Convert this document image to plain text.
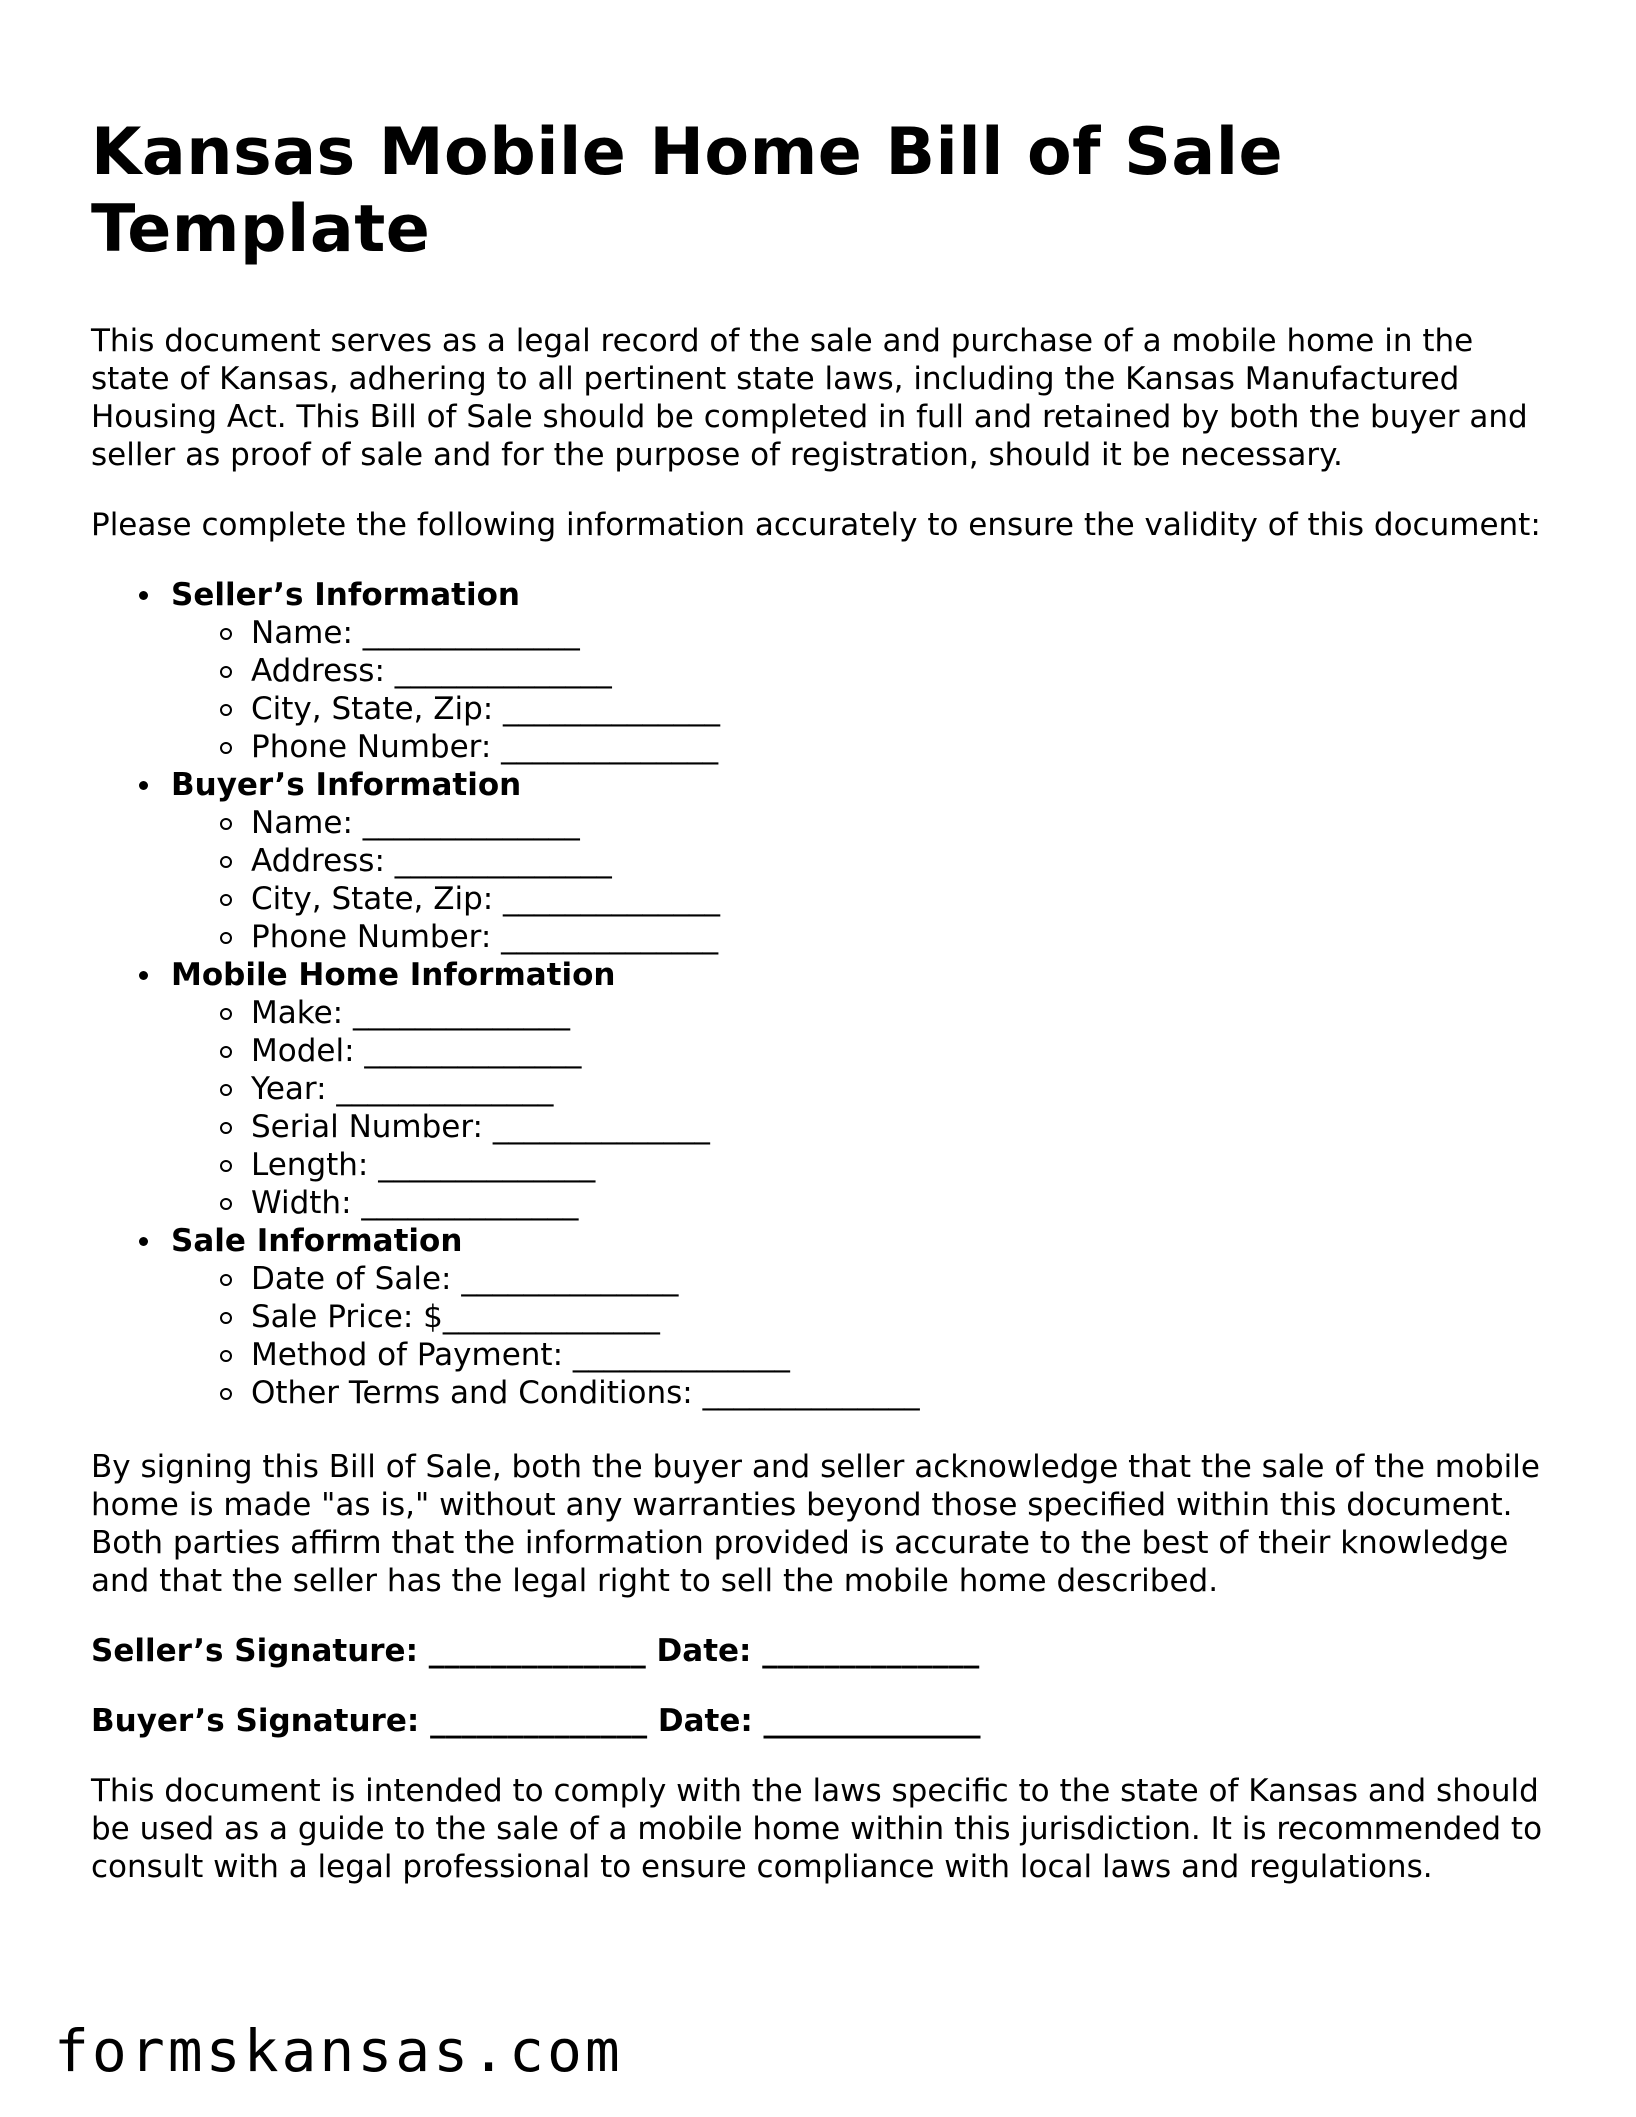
Kansas Mobile Home Bill of Sale Template

This document serves as a legal record of the sale and purchase of a mobile home in the state of Kansas, adhering to all pertinent state laws, including the Kansas Manufactured Housing Act. This Bill of Sale should be completed in full and retained by both the buyer and seller as proof of sale and for the purpose of registration, should it be necessary.

Please complete the following information accurately to ensure the validity of this document:

Seller’s Information
Name: ______________
Address: ______________
City, State, Zip: ______________
Phone Number: ______________
Buyer’s Information
Name: ______________
Address: ______________
City, State, Zip: ______________
Phone Number: ______________
Mobile Home Information
Make: ______________
Model: ______________
Year: ______________
Serial Number: ______________
Length: ______________
Width: ______________
Sale Information
Date of Sale: ______________
Sale Price: $______________
Method of Payment: ______________
Other Terms and Conditions: ______________

By signing this Bill of Sale, both the buyer and seller acknowledge that the sale of the mobile home is made "as is," without any warranties beyond those specified within this document. Both parties affirm that the information provided is accurate to the best of their knowledge and that the seller has the legal right to sell the mobile home described.

Seller’s Signature: ______________ Date: ______________
Buyer’s Signature: ______________ Date: ______________

This document is intended to comply with the laws specific to the state of Kansas and should be used as a guide to the sale of a mobile home within this jurisdiction. It is recommended to consult with a legal professional to ensure compliance with local laws and regulations.

formskansas.com
